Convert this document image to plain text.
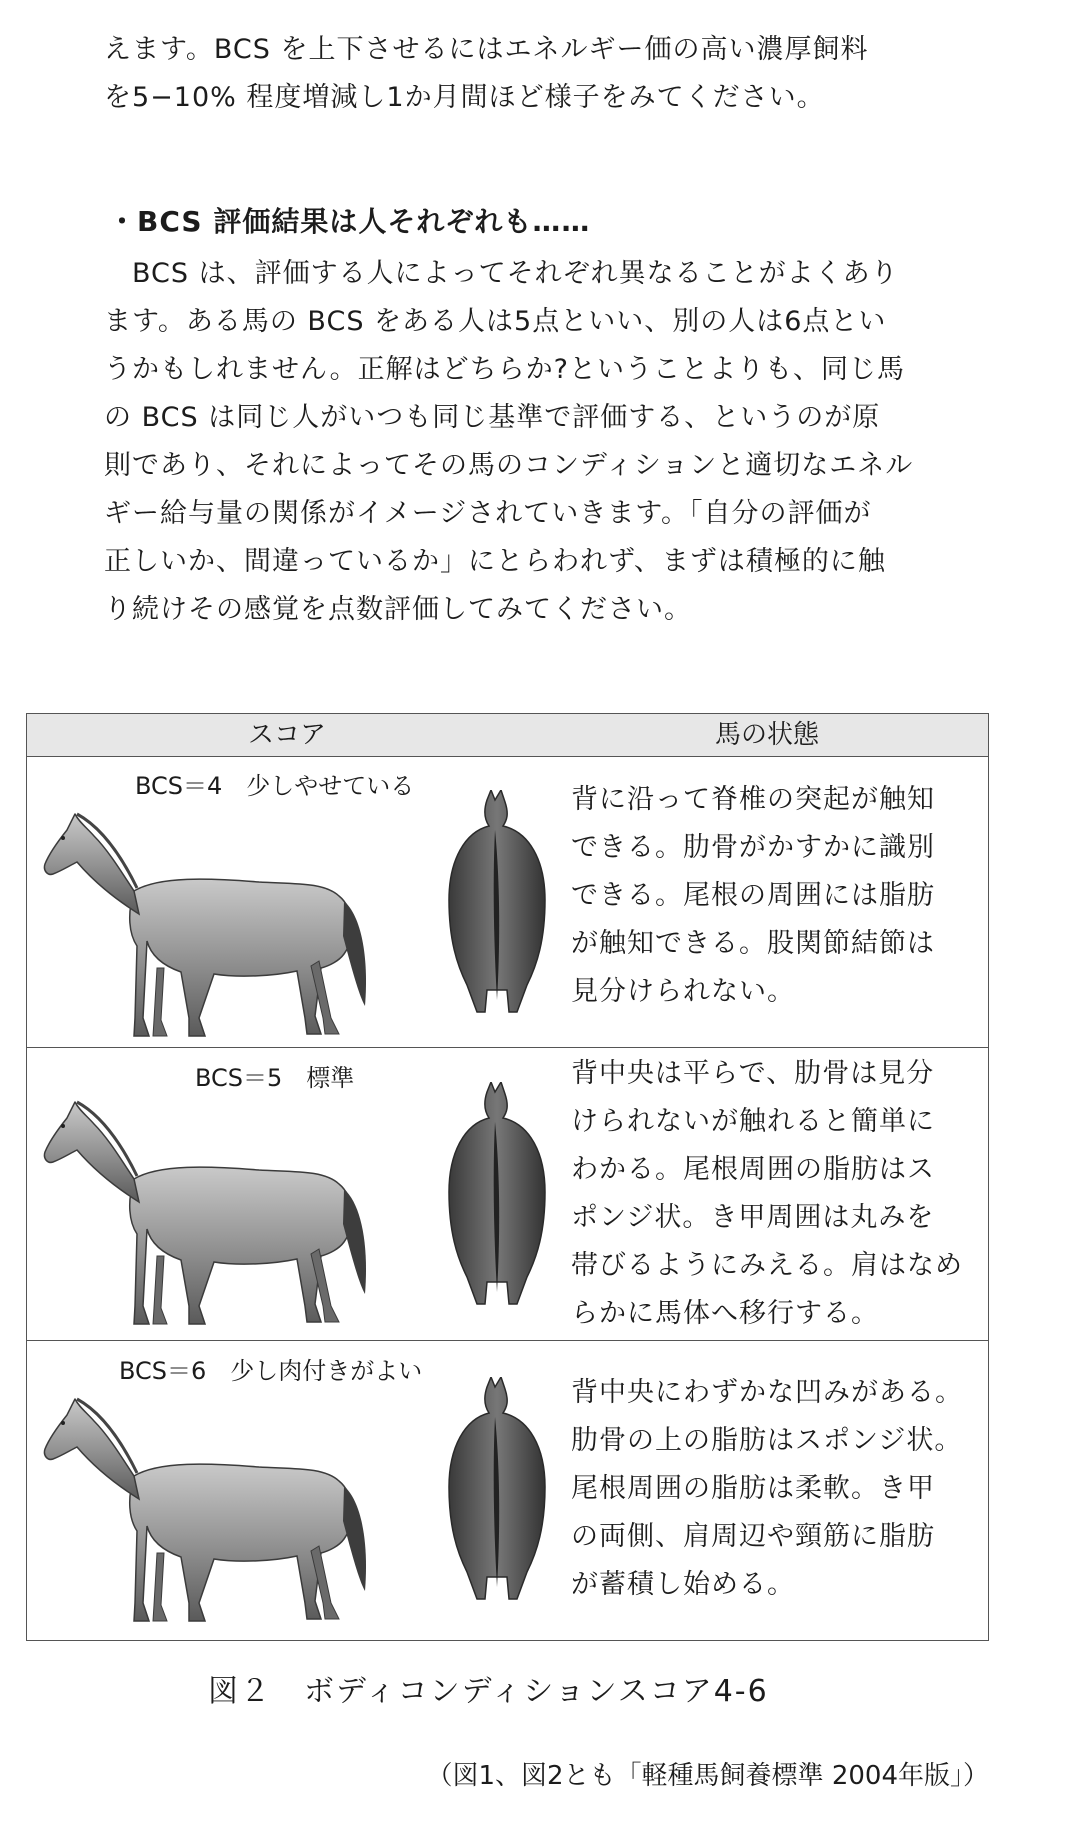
えます。BCS を上下させるにはエネルギー価の高い濃厚飼料

を5−10% 程度増減し1か月間ほど様子をみてください。

・BCS 評価結果は人それぞれも……

　BCS は、評価する人によってそれぞれ異なることがよくあり

ます。ある馬の BCS をある人は5点といい、別の人は6点とい

うかもしれません。正解はどちらか?ということよりも、同じ馬

の BCS は同じ人がいつも同じ基準で評価する、というのが原

則であり、それによってその馬のコンディションと適切なエネル

ギー給与量の関係がイメージされていきます。「自分の評価が

正しいか、間違っているか」にとらわれず、まずは積極的に触

り続けその感覚を点数評価してみてください。

スコア	馬の状態
BCS＝4　少しやせている	背に沿って脊椎の突起が触知

できる。肋骨がかすかに識別

できる。尾根の周囲には脂肪

が触知できる。股関節結節は

見分けられない。

BCS＝5　標準	背中央は平らで、肋骨は見分

けられないが触れると簡単に

わかる。尾根周囲の脂肪はス

ポンジ状。き甲周囲は丸みを

帯びるようにみえる。肩はなめ

らかに馬体へ移行する。

BCS＝6　少し肉付きがよい

背中央にわずかな凹みがある。

肋骨の上の脂肪はスポンジ状。

尾根周囲の脂肪は柔軟。き甲

の両側、肩周辺や頸筋に脂肪

が蓄積し始める。

図２　ボディコンディションスコア4-6
（図1、図2とも「軽種馬飼養標準 2004年版」）
